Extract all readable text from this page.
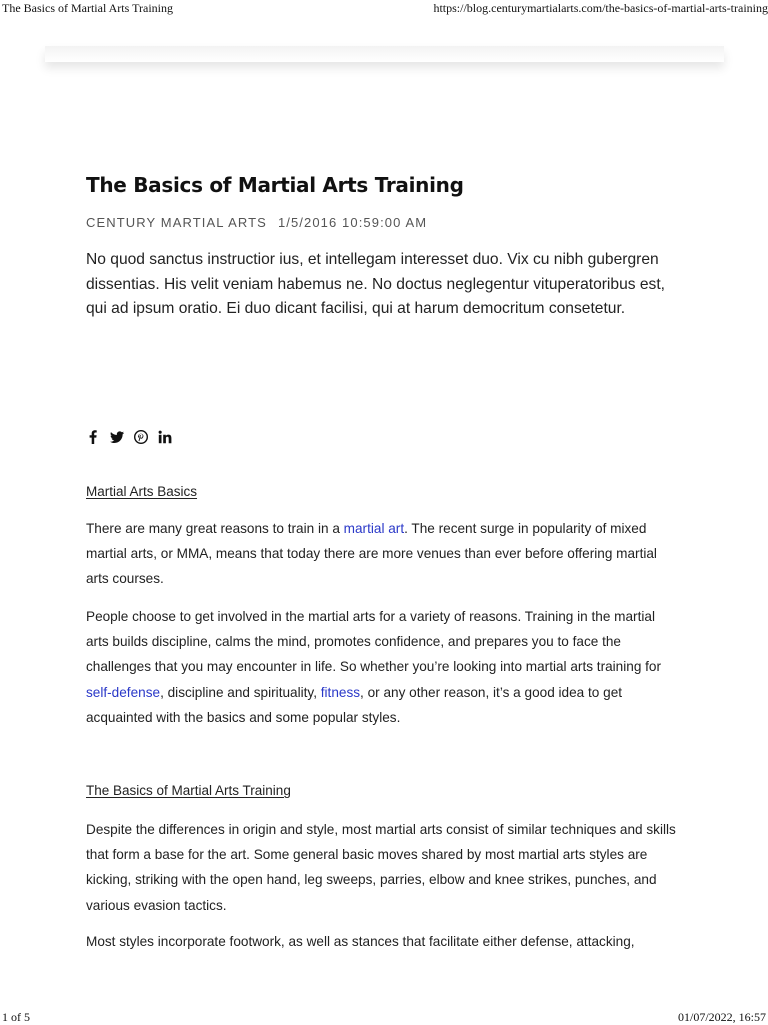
The Basics of Martial Arts Training	https://blog.centurymartialarts.com/the-basics-of-martial-arts-training
The Basics of Martial Arts Training
CENTURY MARTIAL ARTS 1/5/2016 10:59:00 AM
No quod sanctus instructior ius, et intellegam interesset duo. Vix cu nibh gubergren dissentias. His velit veniam habemus ne. No doctus neglegentur vituperatoribus est, qui ad ipsum oratio. Ei duo dicant facilisi, qui at harum democritum consetetur.
Martial Arts Basics

There are many great reasons to train in a martial art. The recent surge in popularity of mixed martial arts, or MMA, means that today there are more venues than ever before offering martial arts courses.

People choose to get involved in the martial arts for a variety of reasons. Training in the martial arts builds discipline, calms the mind, promotes confidence, and prepares you to face the challenges that you may encounter in life. So whether you’re looking into martial arts training for self-defense, discipline and spirituality, fitness, or any other reason, it’s a good idea to get acquainted with the basics and some popular styles.

The Basics of Martial Arts Training

Despite the differences in origin and style, most martial arts consist of similar techniques and skills that form a base for the art. Some general basic moves shared by most martial arts styles are kicking, striking with the open hand, leg sweeps, parries, elbow and knee strikes, punches, and various evasion tactics.

Most styles incorporate footwork, as well as stances that facilitate either defense, attacking,

1 of 5	01/07/2022, 16:57
